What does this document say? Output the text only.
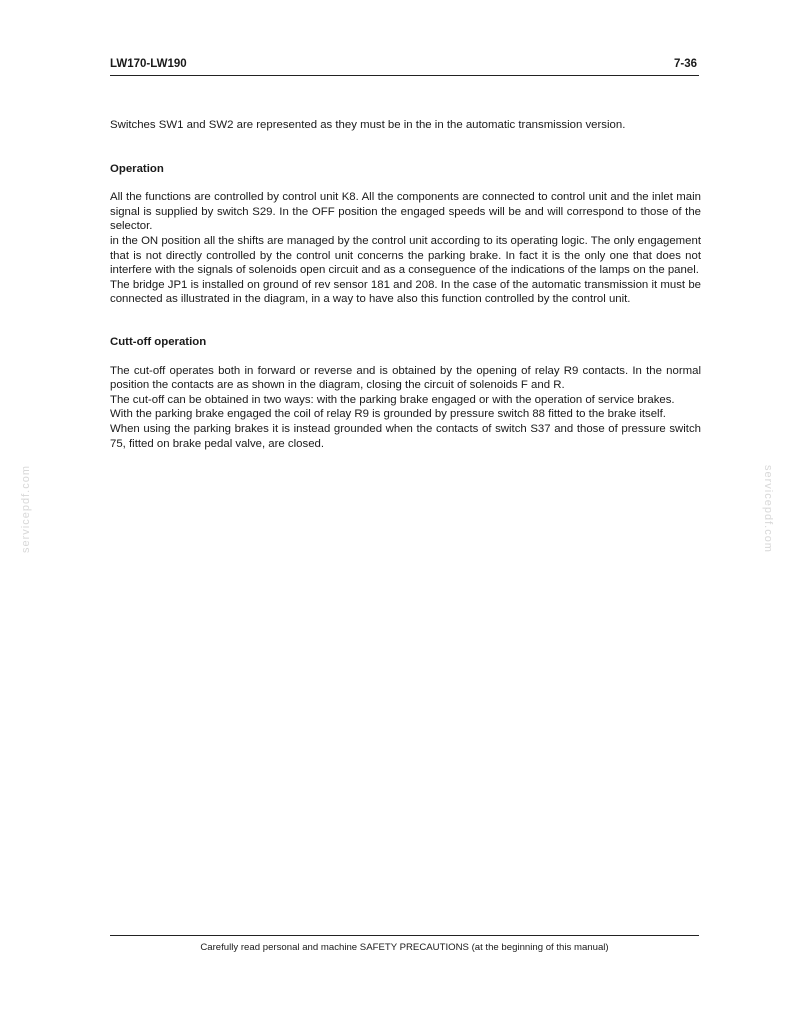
LW170-LW190	7-36

Switches SW1 and SW2 are represented as they must be in the in the automatic transmission version.

Operation

All the functions are controlled by control unit K8. All the components are connected to control unit and the inlet main signal is supplied by switch S29. In the OFF position the engaged speeds will be and will correspond to those of the selector.

in the ON position all the shifts are managed by the control unit according to its operating logic. The only engagement that is not directly controlled by the control unit concerns the parking brake. In fact it is the only one that does not interfere with the signals of solenoids open circuit and as a conseguence of the indications of the lamps on the panel.

The bridge JP1 is installed on ground of rev sensor 181 and 208. In the case of the automatic transmission it must be connected as illustrated in the diagram, in a way to have also this function controlled by the control unit.

Cutt-off operation

The cut-off operates both in forward or reverse and is obtained by the opening of relay R9 contacts. In the normal position the contacts are as shown in the diagram, closing the circuit of solenoids F and R.

The cut-off can be obtained in two ways: with the parking brake engaged or with the operation of service brakes.

With the parking brake engaged the coil of relay R9 is grounded by pressure switch 88 fitted to the brake itself.

When using the parking brakes it is instead grounded when the contacts of switch S37 and those of pressure switch 75, fitted on brake pedal valve, are closed.

servicepdf.com	servicepdf.com
Carefully read personal and machine SAFETY PRECAUTIONS (at the beginning of this manual)
